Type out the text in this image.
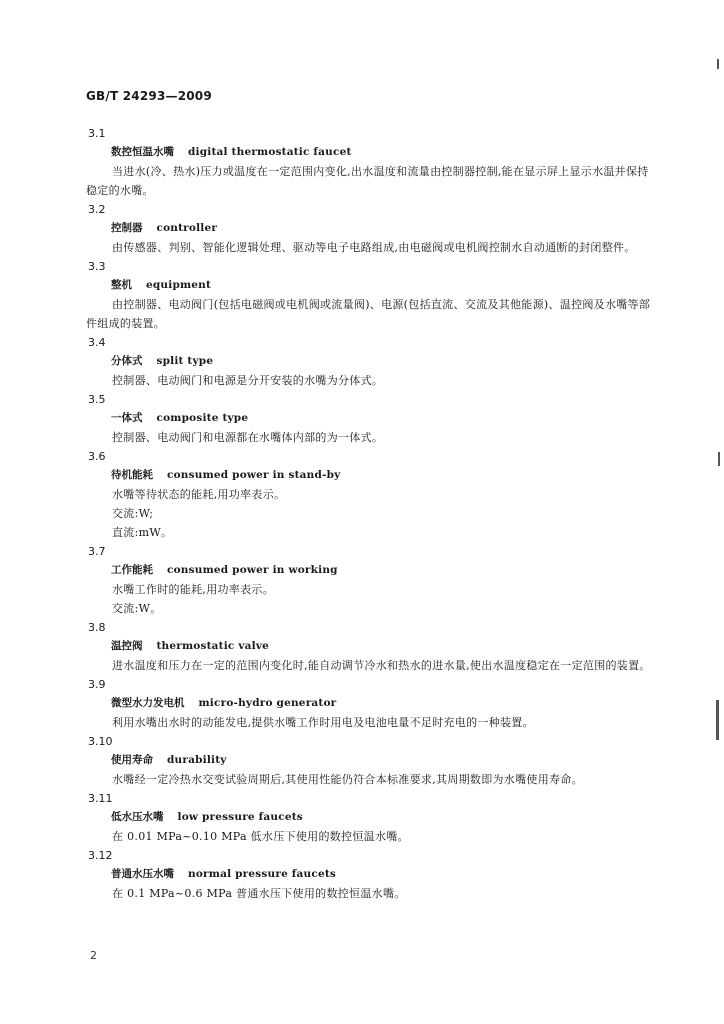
GB/T 24293—2009
3.1
数控恒温水嘴 digital thermostatic faucet

当进水(冷、热水)压力或温度在一定范围内变化,出水温度和流量由控制器控制,能在显示屏上显示水温并保持稳定的水嘴。

3.2
控制器 controller

由传感器、判别、智能化逻辑处理、驱动等电子电路组成,由电磁阀或电机阀控制水自动通断的封闭整件。

3.3
整机 equipment

由控制器、电动阀门(包括电磁阀或电机阀或流量阀)、电源(包括直流、交流及其他能源)、温控阀及水嘴等部件组成的装置。

3.4
分体式 split type

控制器、电动阀门和电源是分开安装的水嘴为分体式。

3.5
一体式 composite type

控制器、电动阀门和电源都在水嘴体内部的为一体式。

3.6
待机能耗 consumed power in stand-by

水嘴等待状态的能耗,用功率表示。

交流:W;

直流:mW。

3.7
工作能耗 consumed power in working

水嘴工作时的能耗,用功率表示。

交流:W。

3.8
温控阀 thermostatic valve

进水温度和压力在一定的范围内变化时,能自动调节冷水和热水的进水量,使出水温度稳定在一定范围的装置。

3.9
微型水力发电机 micro-hydro generator

利用水嘴出水时的动能发电,提供水嘴工作时用电及电池电量不足时充电的一种装置。

3.10
使用寿命 durability

水嘴经一定冷热水交变试验周期后,其使用性能仍符合本标准要求,其周期数即为水嘴使用寿命。

3.11
低水压水嘴 low pressure faucets

在 0.01 MPa~0.10 MPa 低水压下使用的数控恒温水嘴。

3.12
普通水压水嘴 normal pressure faucets

在 0.1 MPa~0.6 MPa 普通水压下使用的数控恒温水嘴。

2
